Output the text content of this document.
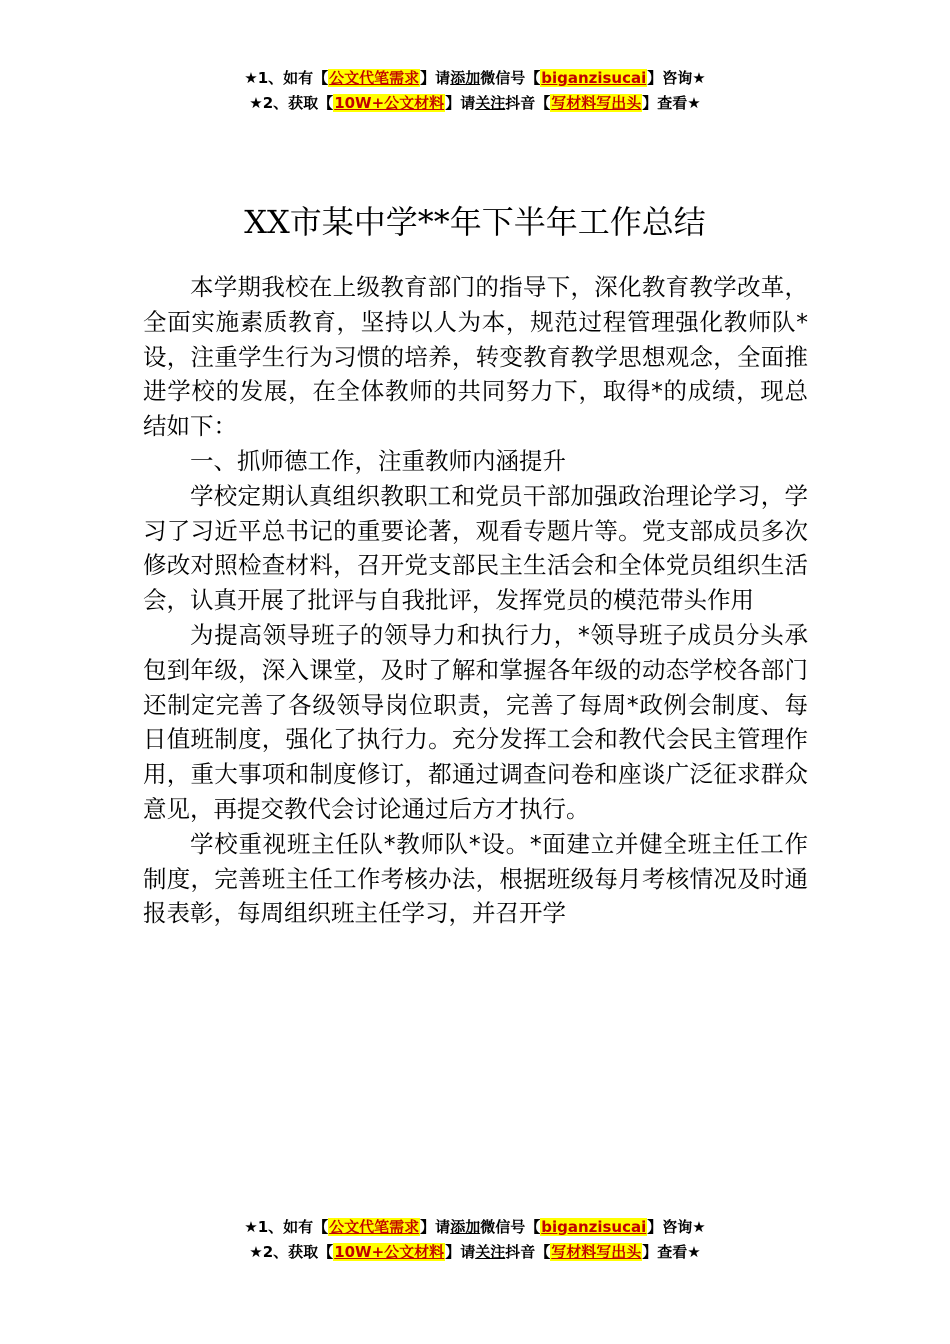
★1、如有【公文代笔需求】请添加微信号【biganzisucai】咨询★
★2、获取【10W+公文材料】请关注抖音【写材料写出头】查看★
XX市某中学**年下半年工作总结

本学期我校在上级教育部门的指导下，深化教育教学改革，全面实施素质教育，坚持以人为本，规范过程管理强化教师队*设，注重学生行为习惯的培养，转变教育教学思想观念，全面推进学校的发展，在全体教师的共同努力下，取得*的成绩，现总结如下：

一、抓师德工作，注重教师内涵提升

学校定期认真组织教职工和党员干部加强政治理论学习，学习了习近平总书记的重要论著，观看专题片等。党支部成员多次修改对照检查材料，召开党支部民主生活会和全体党员组织生活会，认真开展了批评与自我批评，发挥党员的模范带头作用

为提高领导班子的领导力和执行力，*领导班子成员分头承包到年级，深入课堂，及时了解和掌握各年级的动态学校各部门还制定完善了各级领导岗位职责，完善了每周*政例会制度、每日值班制度，强化了执行力。充分发挥工会和教代会民主管理作用，重大事项和制度修订，都通过调查问卷和座谈广泛征求群众意见，再提交教代会讨论通过后方才执行。

学校重视班主任队*教师队*设。*面建立并健全班主任工作制度，完善班主任工作考核办法，根据班级每月考核情况及时通报表彰，每周组织班主任学习，并召开学

★1、如有【公文代笔需求】请添加微信号【biganzisucai】咨询★
★2、获取【10W+公文材料】请关注抖音【写材料写出头】查看★
